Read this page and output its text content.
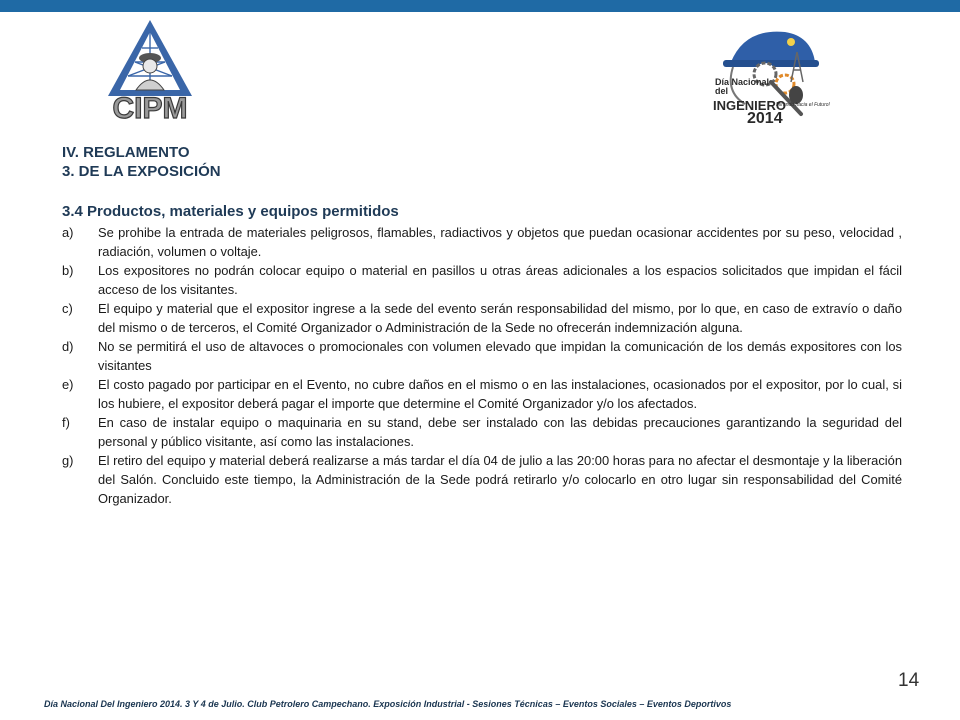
CIPM
Día Nacional
del
INGENIERO
2014
Mirando hacia el Futuro!
IV. REGLAMENTO
3. DE LA EXPOSICIÓN
3.4 Productos, materiales y equipos permitidos
a) Se prohibe la entrada de materiales peligrosos, flamables, radiactivos y objetos que puedan ocasionar accidentes por su peso, velocidad , radiación, volumen o voltaje.
b) Los expositores no podrán colocar equipo o material en pasillos u otras áreas adicionales a los espacios solicitados que impidan el fácil acceso de los visitantes.
c) El equipo y material que el expositor ingrese a la sede del evento serán responsabilidad del mismo, por lo que, en caso de extravío o daño del mismo o de terceros, el Comité Organizador o Administración de la Sede no ofrecerán indemnización alguna.
d) No se permitirá el uso de altavoces o promocionales con volumen elevado que impidan la comunicación de los demás expositores con los visitantes
e) El costo pagado por participar en el Evento, no cubre daños en el mismo o en las instalaciones, ocasionados por el expositor, por lo cual, si los hubiere, el expositor deberá pagar el importe que determine el Comité Organizador y/o los afectados.
f) En caso de instalar equipo o maquinaria en su stand, debe ser instalado con las debidas precauciones garantizando la seguridad del personal y público visitante, así como las instalaciones.
g) El retiro del equipo y material deberá realizarse a más tardar el día 04 de julio a las 20:00 horas para no afectar el desmontaje y la liberación del Salón. Concluido este tiempo, la Administración de la Sede podrá retirarlo y/o colocarlo en otro lugar sin responsabilidad del Comité Organizador.
14
Día Nacional Del Ingeniero 2014. 3 Y 4 de Julio. Club Petrolero Campechano. Exposición Industrial - Sesiones Técnicas – Eventos Sociales – Eventos Deportivos
